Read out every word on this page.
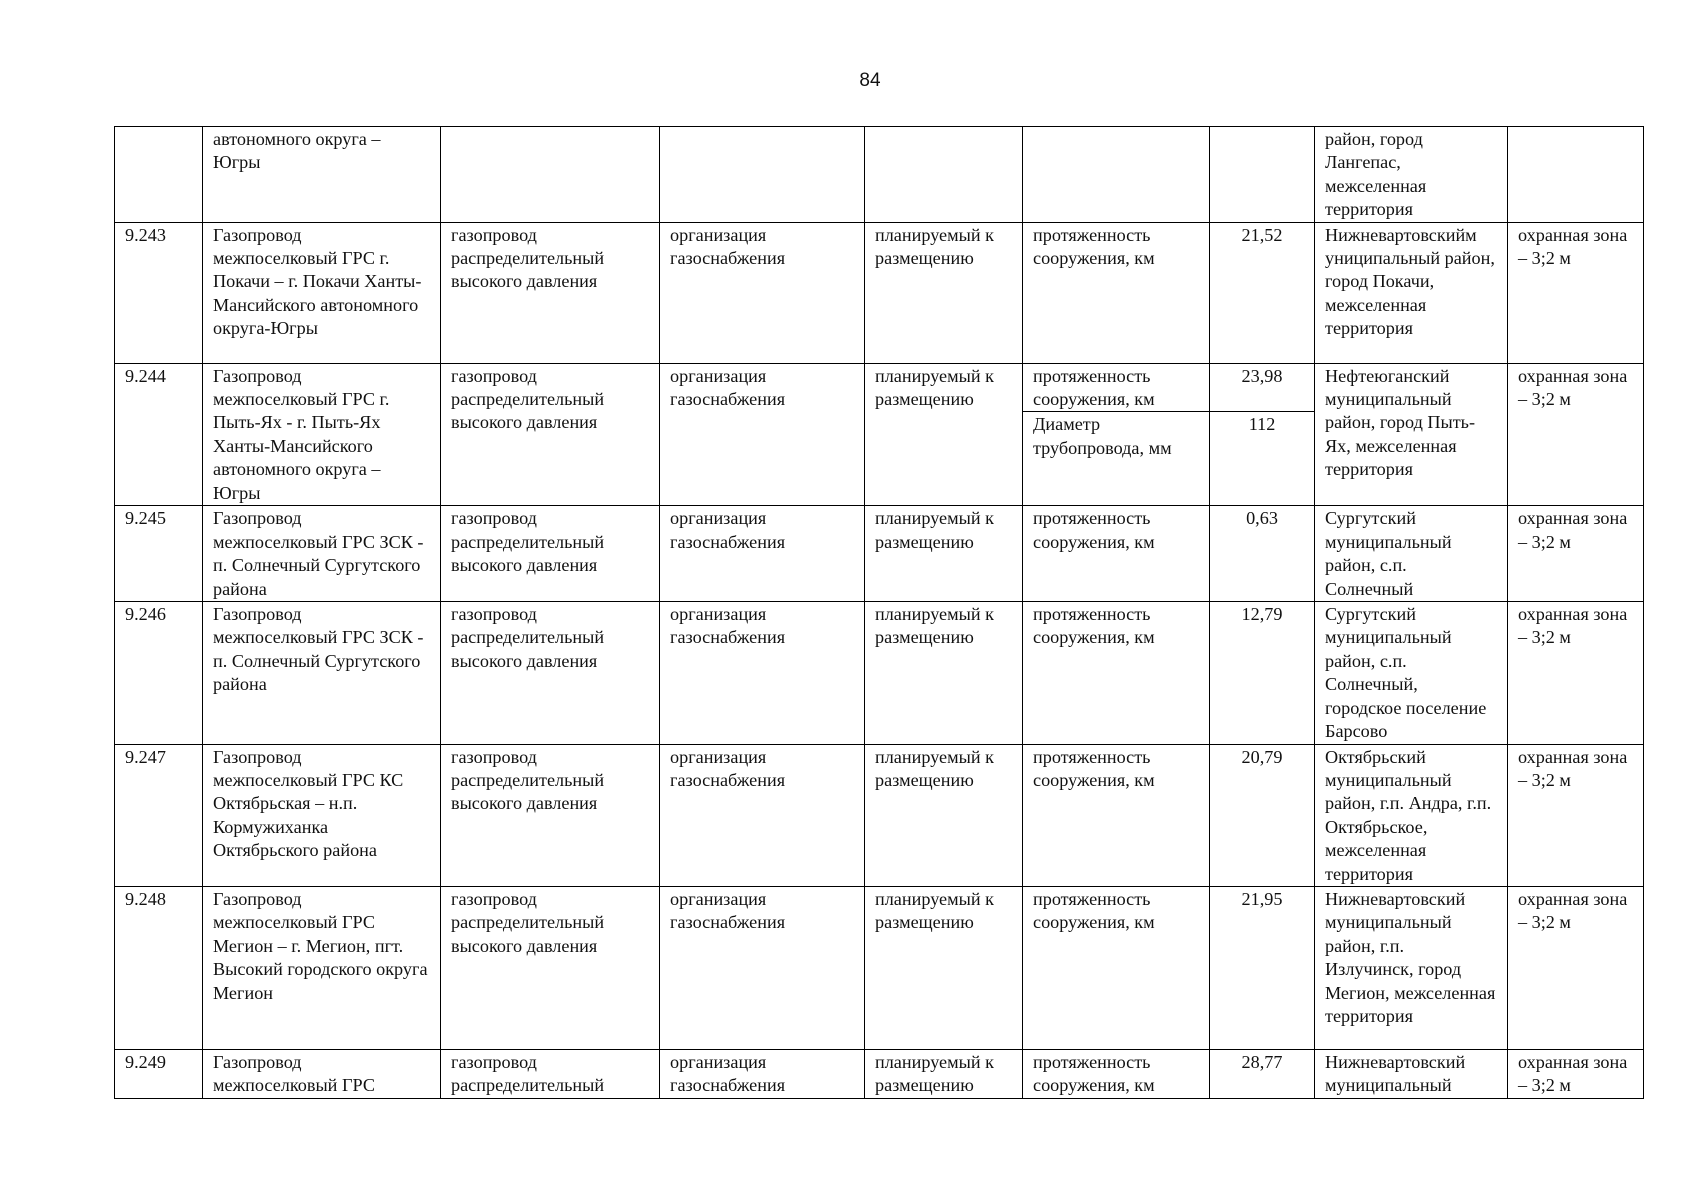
84
	автономного округа – Югры						район, город Лангепас, межселенная территория	
9.243	Газопровод межпоселковый ГРС г. Покачи – г. Покачи Ханты-Мансийского автономного округа-Югры	газопровод распределительный высокого давления	организация газоснабжения	планируемый к размещению	протяженность сооружения, км	21,52	Нижневартовскийм униципальный район, город Покачи, межселенная территория	охранная зона – 3;2 м
9.244	Газопровод межпоселковый ГРС г. Пыть-Ях - г. Пыть-Ях Ханты-Мансийского автономного округа – Югры	газопровод распределительный высокого давления	организация газоснабжения	планируемый к размещению	протяженность сооружения, км	23,98	Нефтеюганский муниципальный район, город Пыть-Ях, межселенная территория	охранная зона – 3;2 м
					Диаметр трубопровода, мм	112		
9.245	Газопровод межпоселковый ГРС ЗСК - п. Солнечный Сургутского района	газопровод распределительный высокого давления	организация газоснабжения	планируемый к размещению	протяженность сооружения, км	0,63	Сургутский муниципальный район, с.п. Солнечный	охранная зона – 3;2 м
9.246	Газопровод межпоселковый ГРС ЗСК - п. Солнечный Сургутского района	газопровод распределительный высокого давления	организация газоснабжения	планируемый к размещению	протяженность сооружения, км	12,79	Сургутский муниципальный район, с.п. Солнечный, городское поселение Барсово	охранная зона – 3;2 м
9.247	Газопровод межпоселковый ГРС КС Октябрьская – н.п. Кормужиханка Октябрьского района	газопровод распределительный высокого давления	организация газоснабжения	планируемый к размещению	протяженность сооружения, км	20,79	Октябрьский муниципальный район, г.п. Андра, г.п. Октябрьское, межселенная территория	охранная зона – 3;2 м
9.248	Газопровод межпоселковый ГРС Мегион – г. Мегион, пгт. Высокий городского округа Мегион	газопровод распределительный высокого давления	организация газоснабжения	планируемый к размещению	протяженность сооружения, км	21,95	Нижневартовский муниципальный район, г.п. Излучинск, город Мегион, межселенная территория	охранная зона – 3;2 м
9.249	Газопровод межпоселковый ГРС	газопровод распределительный	организация газоснабжения	планируемый к размещению	протяженность сооружения, км	28,77	Нижневартовский муниципальный	охранная зона – 3;2 м
